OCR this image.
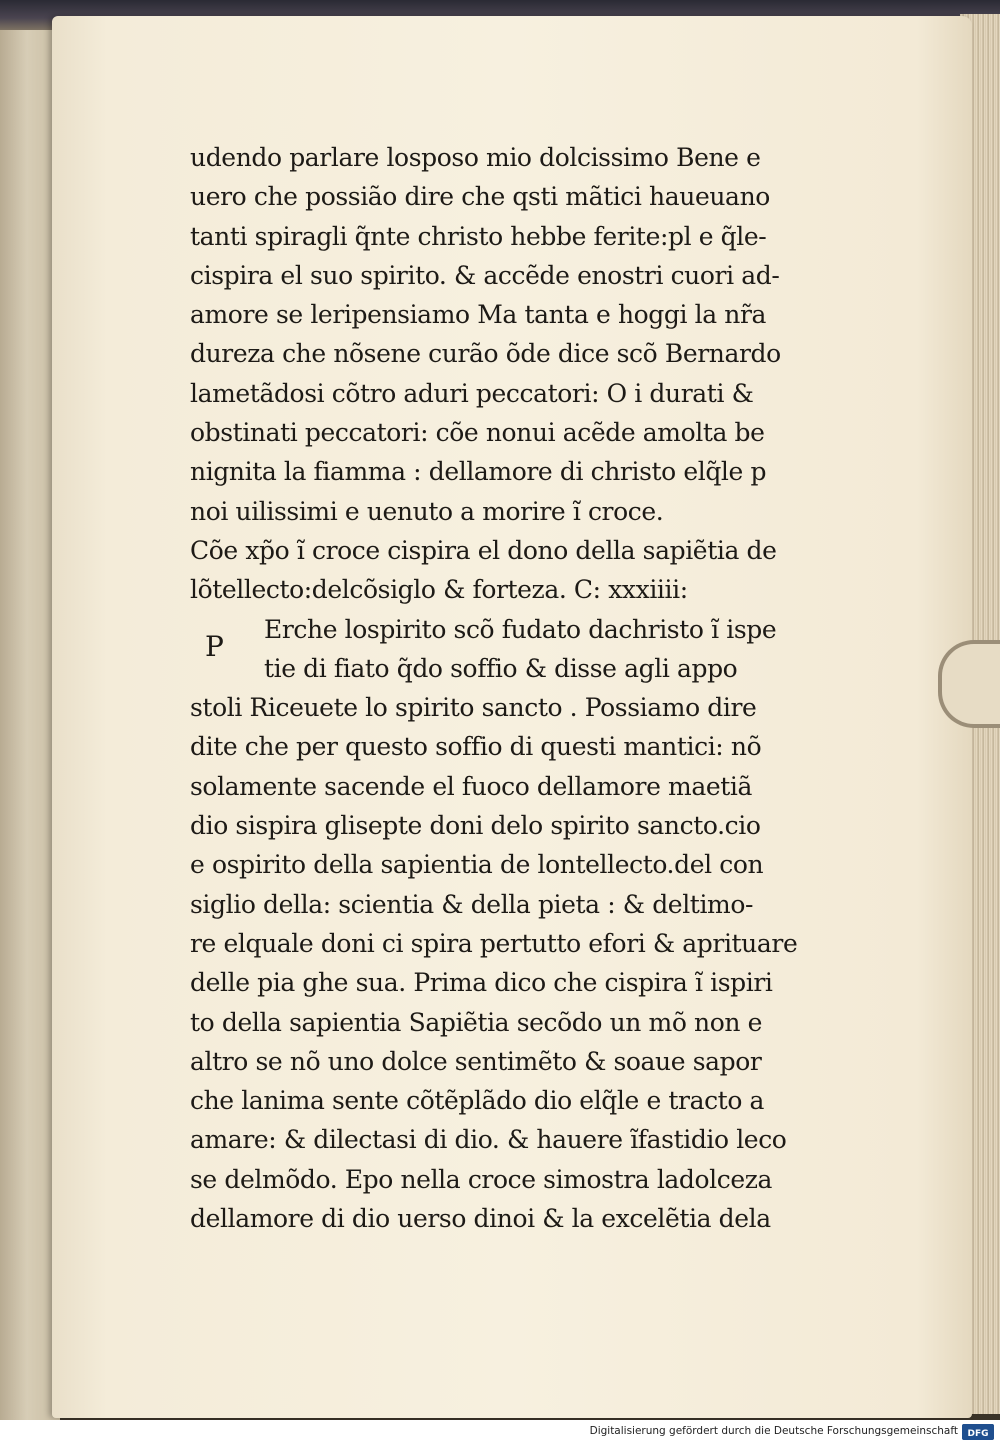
P
udendo parlare losposo mio dolcissimo Bene e
uero che possião dire che qsti mãtici haueuano
tanti spiragli q̃nte christo hebbe ferite:pl e q̃le-
cispira el suo spirito. & accẽde enostri cuori ad-
amore se leripensiamo Ma tanta e hoggi la nr̃a
dureza che nõsene curão õde dice scõ Bernardo
lametãdosi cõtro aduri peccatori: O i durati &
obstinati peccatori: cõe nonui acẽde amolta be
nignita la fiamma : dellamore di christo elq̃le p
noi uilissimi e uenuto a morire ĩ croce.
Cõe xp̃o ĩ croce cispira el dono della sapiẽtia de
lõtellecto:delcõsiglo & forteza. C: xxxiiii:
Erche lospirito scõ fudato dachristo ĩ ispe
tie di fiato q̃do soffio & disse agli appo
stoli Riceuete lo spirito sancto . Possiamo dire
dite che per questo soffio di questi mantici: nõ
solamente sacende el fuoco dellamore maetiã
dio sispira glisepte doni delo spirito sancto.cio
e ospirito della sapientia de lontellecto.del con
siglio della: scientia & della pieta : & deltimo-
re elquale doni ci spira pertutto efori & aprituare
delle pia ghe sua. Prima dico che cispira ĩ ispiri
to della sapientia Sapiẽtia secõdo un mõ non e
altro se nõ uno dolce sentimẽto & soaue sapor
che lanima sente cõtẽplãdo dio elq̃le e tracto a
amare: & dilectasi di dio. & hauere ĩfastidio leco
se delmõdo. Epo nella croce simostra ladolceza
dellamore di dio uerso dinoi & la excelẽtia dela
Digitalisierung gefördert durch die Deutsche Forschungsgemeinschaft DFG
